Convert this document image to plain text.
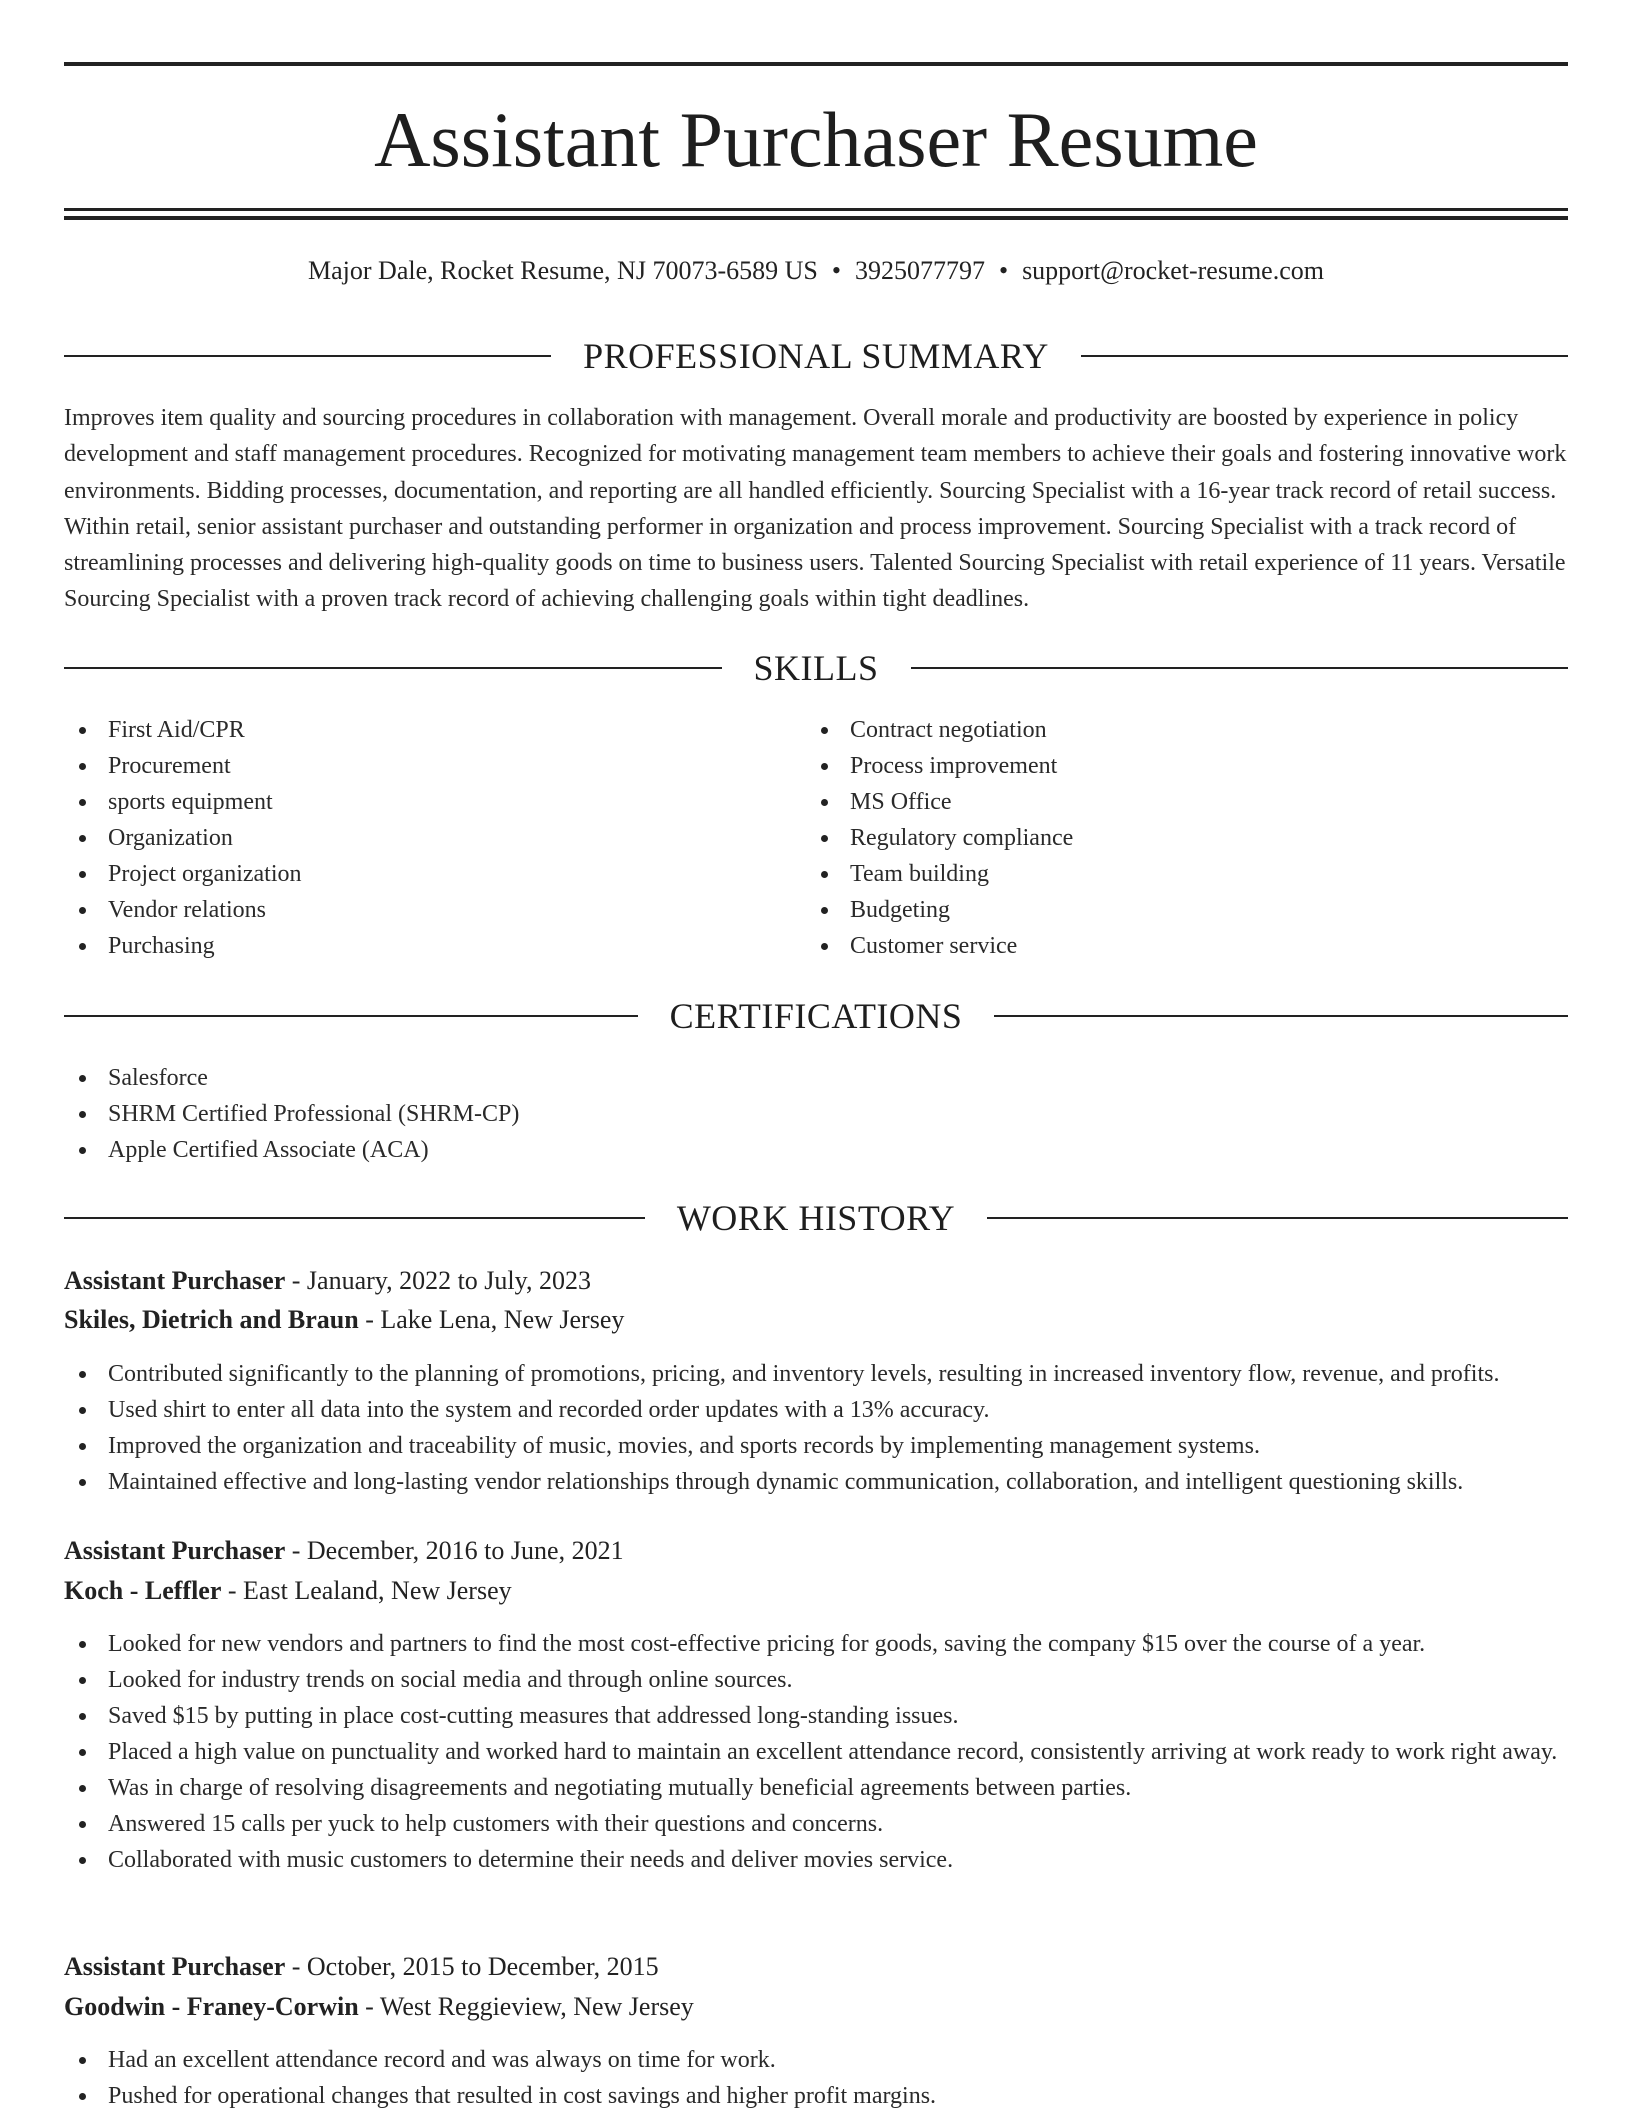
Assistant Purchaser Resume
Major Dale, Rocket Resume, NJ 70073-6589 US • 3925077797 • support@rocket-resume.com
PROFESSIONAL SUMMARY

Improves item quality and sourcing procedures in collaboration with management. Overall morale and productivity are boosted by experience in policy development and staff management procedures. Recognized for motivating management team members to achieve their goals and fostering innovative work environments. Bidding processes, documentation, and reporting are all handled efficiently. Sourcing Specialist with a 16-year track record of retail success. Within retail, senior assistant purchaser and outstanding performer in organization and process improvement. Sourcing Specialist with a track record of streamlining processes and delivering high-quality goods on time to business users. Talented Sourcing Specialist with retail experience of 11 years. Versatile Sourcing Specialist with a proven track record of achieving challenging goals within tight deadlines.

SKILLS
First Aid/CPR
Procurement
sports equipment
Organization
Project organization
Vendor relations
Purchasing
Contract negotiation
Process improvement
MS Office
Regulatory compliance
Team building
Budgeting
Customer service
CERTIFICATIONS
Salesforce
SHRM Certified Professional (SHRM-CP)
Apple Certified Associate (ACA)
WORK HISTORY
Assistant Purchaser - January, 2022 to July, 2023
Skiles, Dietrich and Braun - Lake Lena, New Jersey
Contributed significantly to the planning of promotions, pricing, and inventory levels, resulting in increased inventory flow, revenue, and profits.
Used shirt to enter all data into the system and recorded order updates with a 13% accuracy.
Improved the organization and traceability of music, movies, and sports records by implementing management systems.
Maintained effective and long-lasting vendor relationships through dynamic communication, collaboration, and intelligent questioning skills.
Assistant Purchaser - December, 2016 to June, 2021
Koch - Leffler - East Lealand, New Jersey
Looked for new vendors and partners to find the most cost-effective pricing for goods, saving the company $15 over the course of a year.
Looked for industry trends on social media and through online sources.
Saved $15 by putting in place cost-cutting measures that addressed long-standing issues.
Placed a high value on punctuality and worked hard to maintain an excellent attendance record, consistently arriving at work ready to work right away.
Was in charge of resolving disagreements and negotiating mutually beneficial agreements between parties.
Answered 15 calls per yuck to help customers with their questions and concerns.
Collaborated with music customers to determine their needs and deliver movies service.
Assistant Purchaser - October, 2015 to December, 2015
Goodwin - Franey-Corwin - West Reggieview, New Jersey
Had an excellent attendance record and was always on time for work.
Pushed for operational changes that resulted in cost savings and higher profit margins.
